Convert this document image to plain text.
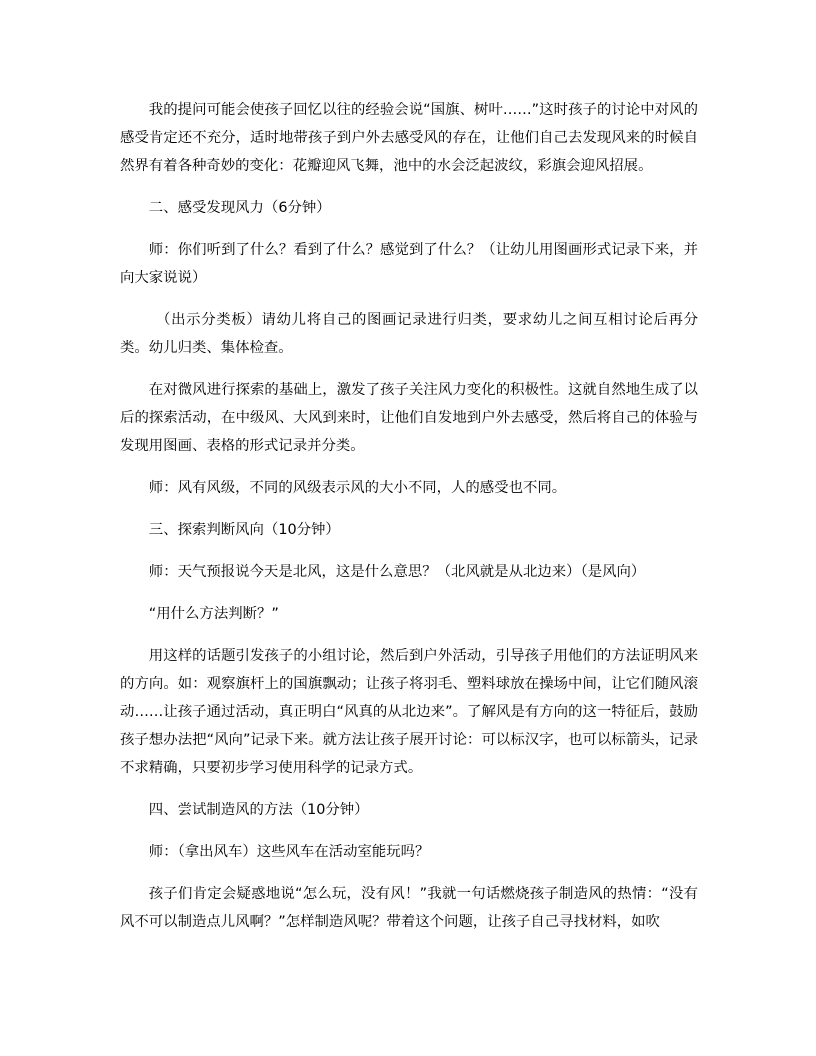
我的提问可能会使孩子回忆以往的经验会说“国旗、树叶……”这时孩子的讨论中对风的感受肯定还不充分，适时地带孩子到户外去感受风的存在，让他们自己去发现风来的时候自然界有着各种奇妙的变化：花瓣迎风飞舞，池中的水会泛起波纹，彩旗会迎风招展。

二、感受发现风力（6分钟）

师：你们听到了什么？看到了什么？感觉到了什么？（让幼儿用图画形式记录下来，并向大家说说）

（出示分类板）请幼儿将自己的图画记录进行归类，要求幼儿之间互相讨论后再分类。幼儿归类、集体检查。

在对微风进行探索的基础上，激发了孩子关注风力变化的积极性。这就自然地生成了以后的探索活动，在中级风、大风到来时，让他们自发地到户外去感受，然后将自己的体验与发现用图画、表格的形式记录并分类。

师：风有风级，不同的风级表示风的大小不同，人的感受也不同。

三、探索判断风向（10分钟）

师：天气预报说今天是北风，这是什么意思？（北风就是从北边来）（是风向）

“用什么方法判断？”

用这样的话题引发孩子的小组讨论，然后到户外活动，引导孩子用他们的方法证明风来的方向。如：观察旗杆上的国旗飘动；让孩子将羽毛、塑料球放在操场中间，让它们随风滚动……让孩子通过活动，真正明白“风真的从北边来”。了解风是有方向的这一特征后，鼓励孩子想办法把“风向”记录下来。就方法让孩子展开讨论：可以标汉字，也可以标箭头，记录不求精确，只要初步学习使用科学的记录方式。

四、尝试制造风的方法（10分钟）

师：（拿出风车）这些风车在活动室能玩吗？

孩子们肯定会疑惑地说“怎么玩，没有风！”我就一句话燃烧孩子制造风的热情：“没有风不可以制造点儿风啊？”怎样制造风呢？带着这个问题，让孩子自己寻找材料，如吹
